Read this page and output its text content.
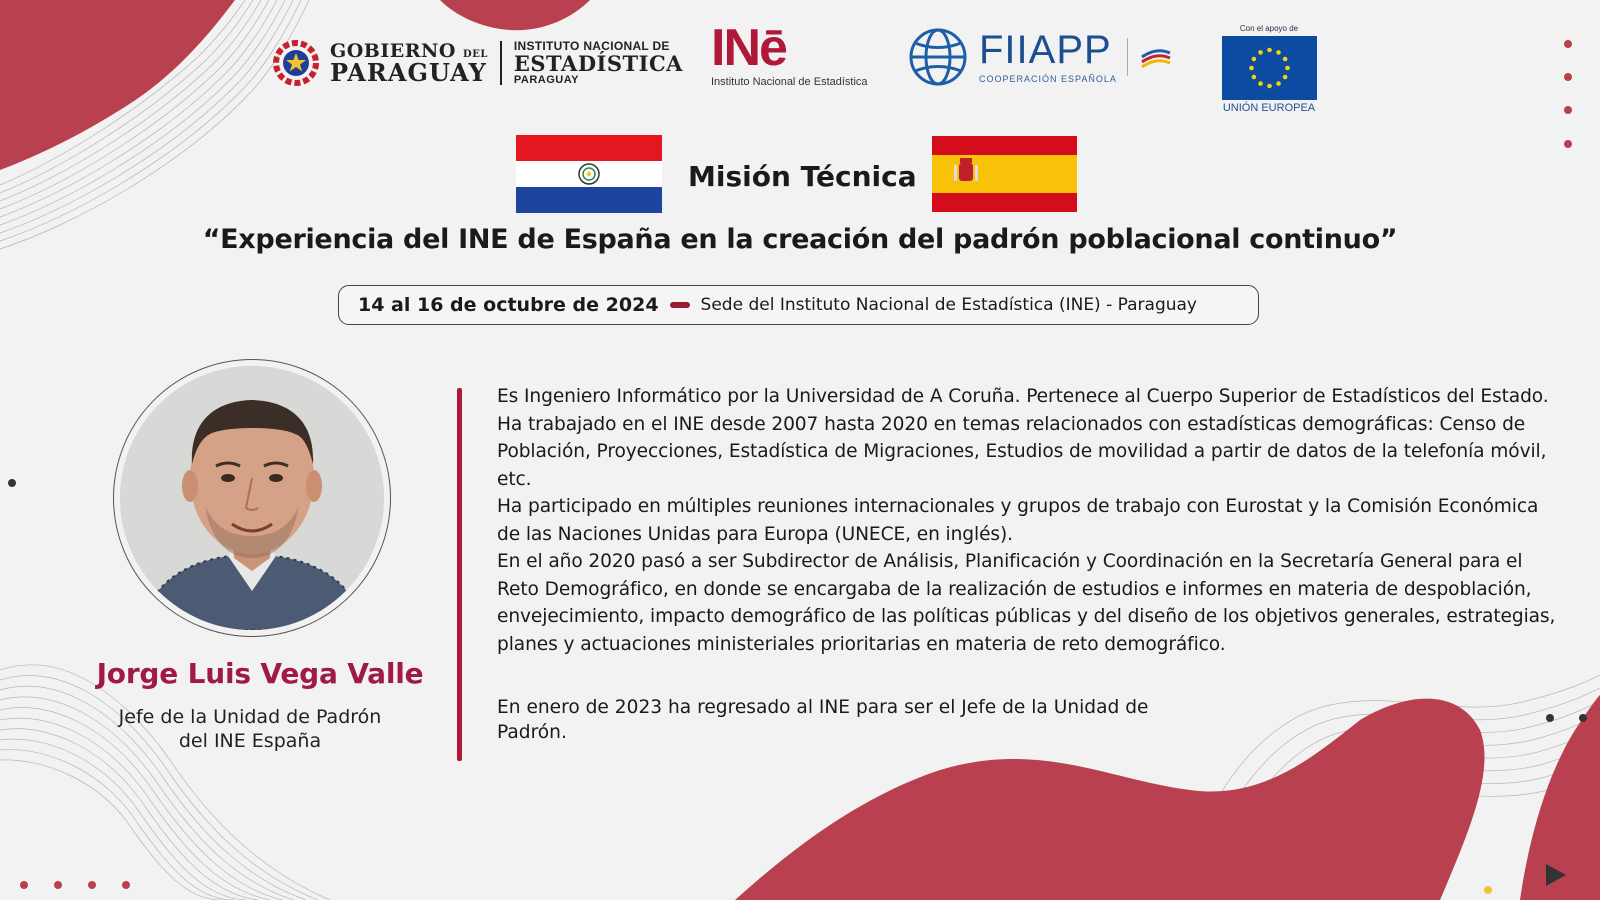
GOBIERNO DEL
PARAGUAY
INSTITUTO NACIONAL DE
ESTADÍSTICA
PARAGUAY
INē
Instituto Nacional de Estadística
FIIAPP
COOPERACIÓN ESPAÑOLA
Con el apoyo de
UNIÓN EUROPEA
Misión Técnica
“Experiencia del INE de España en la creación del padrón poblacional continuo”
14 al 16 de octubre de 2024 Sede del Instituto Nacional de Estadística (INE) - Paraguay
Jorge Luis Vega Valle
Jefe de la Unidad de Padrón
del INE España

Es Ingeniero Informático por la Universidad de A Coruña. Pertenece al Cuerpo Superior de Estadísticos del Estado.

Ha trabajado en el INE desde 2007 hasta 2020 en temas relacionados con estadísticas demográficas: Censo de Población, Proyecciones, Estadística de Migraciones, Estudios de movilidad a partir de datos de la telefonía móvil, etc.

Ha participado en múltiples reuniones internacionales y grupos de trabajo con Eurostat y la Comisión Económica de las Naciones Unidas para Europa (UNECE, en inglés).

En el año 2020 pasó a ser Subdirector de Análisis, Planificación y Coordinación en la Secretaría General para el Reto Demográfico, en donde se encargaba de la realización de estudios e informes en materia de despoblación, envejecimiento, impacto demográfico de las políticas públicas y del diseño de los objetivos generales, estrategias, planes y actuaciones ministeriales prioritarias en materia de reto demográfico.

En enero de 2023 ha regresado al INE para ser el Jefe de la Unidad de Padrón.
